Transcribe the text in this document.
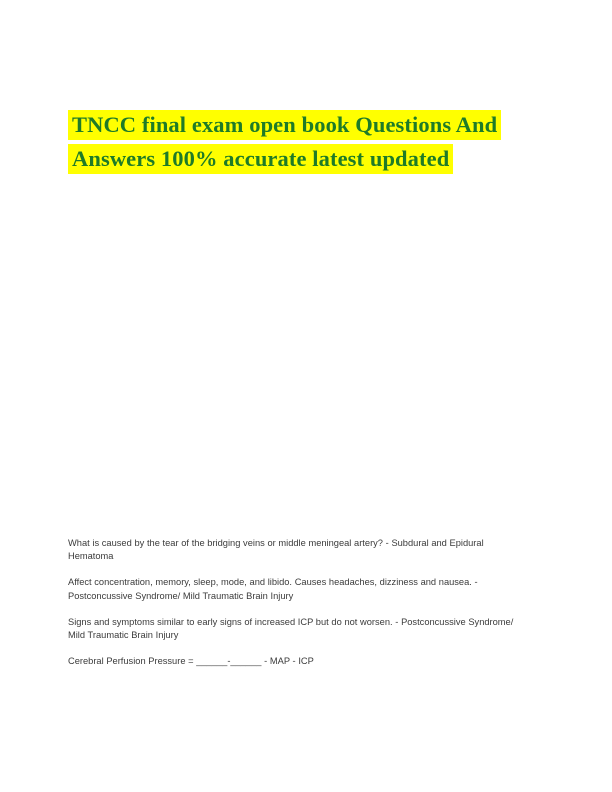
TNCC final exam open book Questions And
Answers 100% accurate latest updated

What is caused by the tear of the bridging veins or middle meningeal artery? - Subdural and Epidural Hematoma

Affect concentration, memory, sleep, mode, and libido. Causes headaches, dizziness and nausea. - Postconcussive Syndrome/ Mild Traumatic Brain Injury

Signs and symptoms similar to early signs of increased ICP but do not worsen. - Postconcussive Syndrome/ Mild Traumatic Brain Injury

Cerebral Perfusion Pressure = ______-______ - MAP - ICP
